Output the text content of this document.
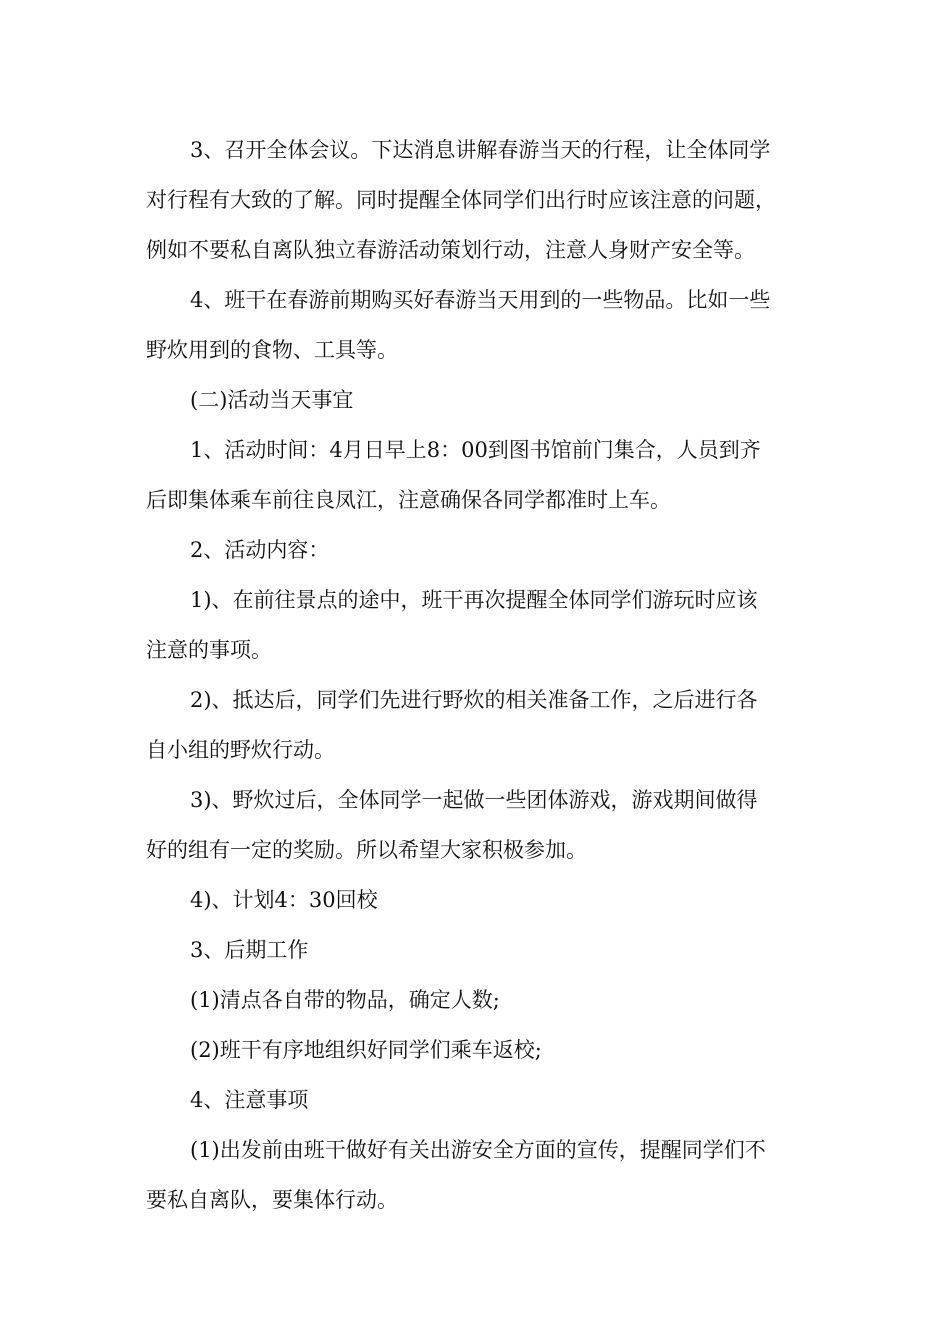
3、召开全体会议。下达消息讲解春游当天的行程，让全体同学
对行程有大致的了解。同时提醒全体同学们出行时应该注意的问题，
例如不要私自离队独立春游活动策划行动，注意人身财产安全等。
4、班干在春游前期购买好春游当天用到的一些物品。比如一些
野炊用到的食物、工具等。
(二)活动当天事宜
1、活动时间：4月日早上8：00到图书馆前门集合，人员到齐
后即集体乘车前往良凤江，注意确保各同学都准时上车。
2、活动内容：
1)、在前往景点的途中，班干再次提醒全体同学们游玩时应该
注意的事项。
2)、抵达后，同学们先进行野炊的相关准备工作，之后进行各
自小组的野炊行动。
3)、野炊过后，全体同学一起做一些团体游戏，游戏期间做得
好的组有一定的奖励。所以希望大家积极参加。
4)、计划4：30回校
3、后期工作
(1)清点各自带的物品，确定人数;
(2)班干有序地组织好同学们乘车返校;
4、注意事项
(1)出发前由班干做好有关出游安全方面的宣传，提醒同学们不
要私自离队，要集体行动。
